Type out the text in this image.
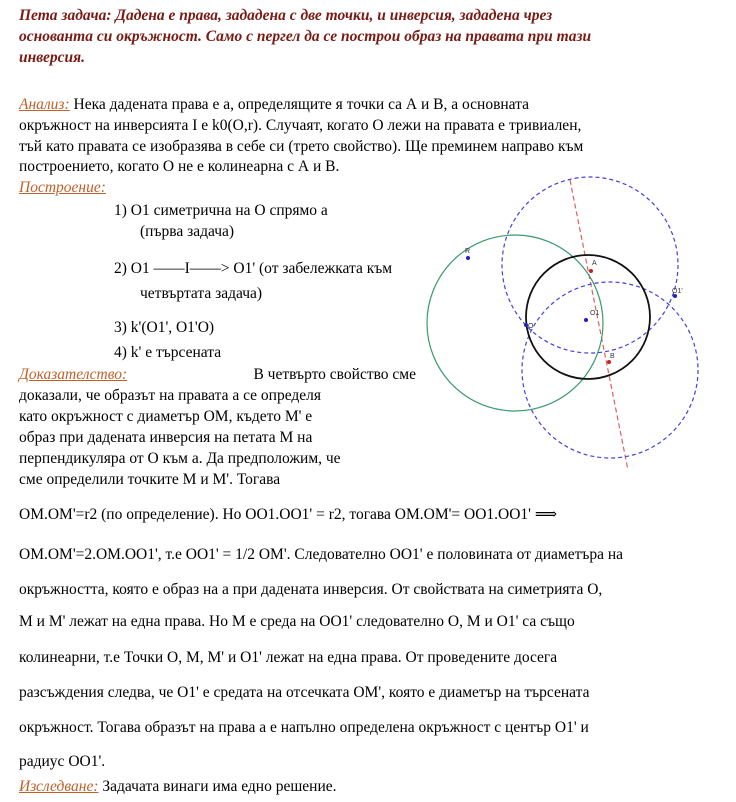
Пета задача: Дадена е права, зададена с две точки, и инверсия, зададена чрез
основанта си окръжност. Само с пергел да се построи образ на правата при тази
инверсия.
Анализ: Нека дадената права е а, определящите я точки са А и В, а основната
окръжност на инверсията I е k0(O,r). Случаят, когато О лежи на правата е тривиален,
тъй като правата се изобразява в себе си (трето свойство). Ще преминем направо към
построението, когато О не е колинеарна с А и В.
Построение:
1) O1 симетрична на О спрямо а
(първа задача)
2) O1 ——I——> O1' (от забележката към
четвъртата задача)
3) k'(O1', O1'O)
4) k' е търсената
Доказателство:	В четвърто свойство сме
доказали, че образът на правата а се определя
като окръжност с диаметър OM, където M' е
образ при дадената инверсия на петата М на
перпендикуляра от О към а. Да предположим, че
сме определили точките М и M'. Тогава
OM.OM'=r2 (по определение). Но OO1.OO1' = r2, тогава OM.OM'= OO1.OO1' ⟹
OM.OM'=2.OM.OO1', т.е OO1' = 1/2 OM'. Следователно OO1' е половината от диаметъра на
окръжността, която е образ на а при дадената инверсия. От свойствата на симетрията О,
М и M' лежат на една права. Но М е среда на OO1' следователно О, М и O1' са също
колинеарни, т.е Точки О, М, M' и O1' лежат на една права. От проведените досега
разсъждения следва, че O1' е средата на отсечката OM', която е диаметър на търсената
окръжност. Тогава образът на права а е напълно определена окръжност с център O1' и
радиус OO1'.
Изследване: Задачата винаги има едно решение.
R
A
O1
O
B
O1'
